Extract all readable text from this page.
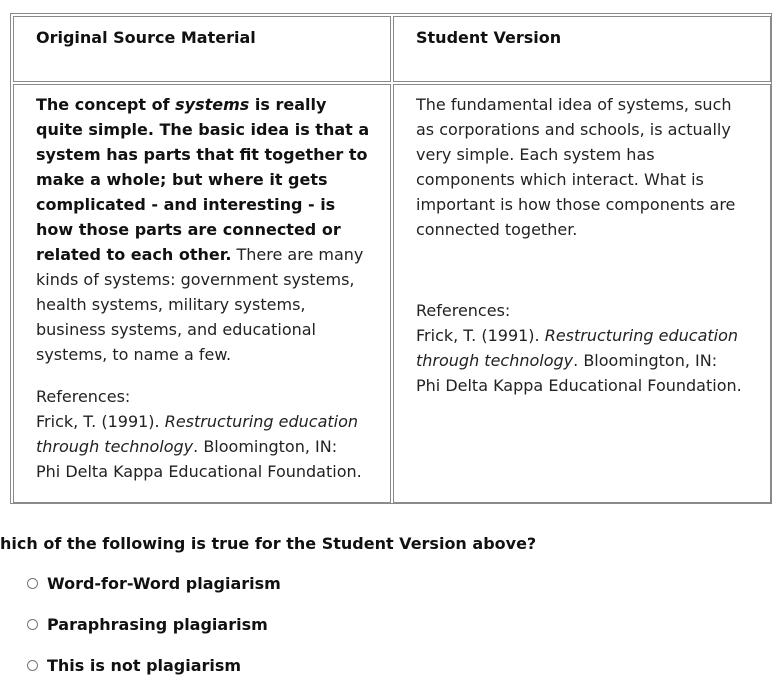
Original Source Material	Student Version
The concept of systems is really
quite simple. The basic idea is that a
system has parts that fit together to
make a whole; but where it gets
complicated - and interesting - is
how those parts are connected or
related to each other. There are many
kinds of systems: government systems,
health systems, military systems,
business systems, and educational
systems, to name a few.
References:
Frick, T. (1991). Restructuring education
through technology. Bloomington, IN:
Phi Delta Kappa Educational Foundation.
The fundamental idea of systems, such
as corporations and schools, is actually
very simple. Each system has
components which interact. What is
important is how those components are
connected together.
References:
Frick, T. (1991). Restructuring education
through technology. Bloomington, IN:
Phi Delta Kappa Educational Foundation.
hich of the following is true for the Student Version above?
Word-for-Word plagiarism
Paraphrasing plagiarism
This is not plagiarism
